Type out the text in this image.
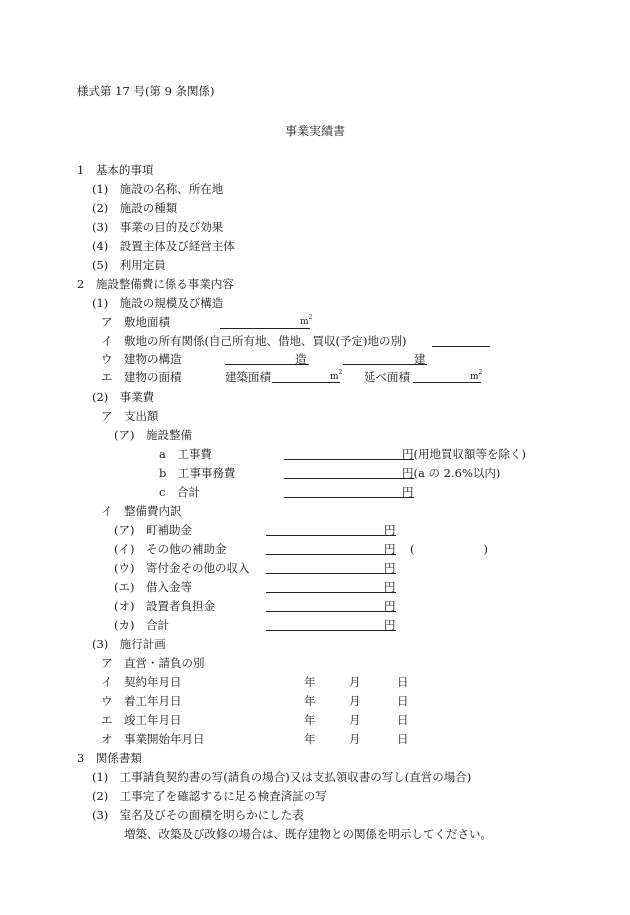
様式第 17 号(第 9 条関係)
事業実績書
1　基本的事項
(1)　施設の名称、所在地
(2)　施設の種類
(3)　事業の目的及び効果
(4)　設置主体及び経営主体
(5)　利用定員
2　施設整備費に係る事業内容
(1)　施設の規模及び構造
ア　敷地面積	$m^2$
イ　敷地の所有関係(自己所有地、借地、買収(予定)地の別)
ウ　建物の構造	造	建
エ　建物の面積	建築面積	$m^2$ 延べ面積	$m^2$
(2)　事業費
ア　支出額
(ア)　施設整備
a　工事費	円(用地買収額等を除く)
b　工事事務費	円(a の 2.6%以内)
c　合計	円
イ　整備費内訳
(ア)　町補助金	円
(イ)　その他の補助金	円 (　　　　　　)
(ウ)　寄付金その他の収入	円
(エ)　借入金等	円
(オ)　設置者負担金	円
(カ)　合計	円
(3)　施行計画
ア　直営・請負の別
イ　契約年月日	年	月	日
ウ　着工年月日	年	月	日
エ　竣工年月日	年	月	日
オ　事業開始年月日	年	月	日
3　関係書類
(1)　工事請負契約書の写(請負の場合)又は支払領収書の写し(直営の場合)
(2)　工事完了を確認するに足る検査済証の写
(3)　室名及びその面積を明らかにした表
増築、改築及び改修の場合は、既存建物との関係を明示してください。
